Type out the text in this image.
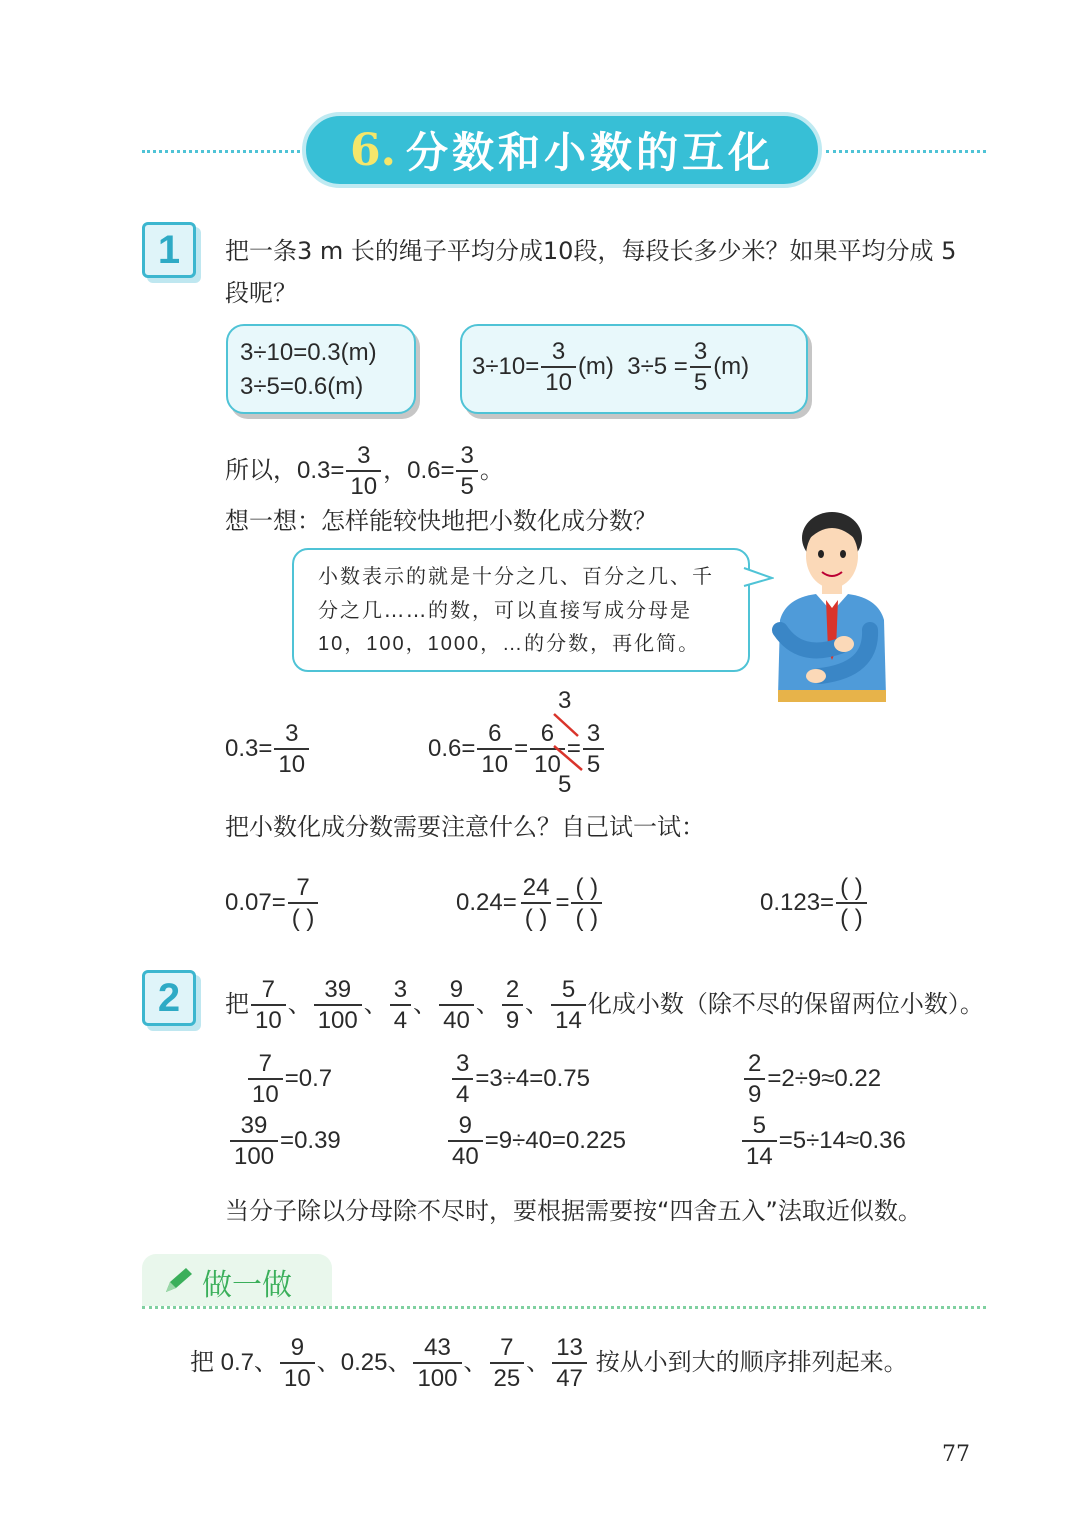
6. 分数和小数的互化
1	把一条3 m 长的绳子平均分成10段，每段长多少米？如果平均分成 5
段呢？
3÷10=0.3(m)
3÷5=0.6(m)
$3\div 10= \frac{3}{10} (m) 3\div 5 = \frac{3}{5} (m)$
所以，$0.3= \frac{3}{10}$ ，$0.6= \frac{3}{5}$ 。
想一想：怎样能较快地把小数化成分数？
小数表示的就是十分之几、百分之几、千
分之几……的数，可以直接写成分母是
10，100，1000，…的分数，再化简。
$0.3= \frac{3}{10}$	$0.6= \frac{6}{10} = \frac{6}{10} = \frac{3}{5}$
3
5
把小数化成分数需要注意什么？自己试一试：
$0.07= \frac{7}{( )}$	$0.24= \frac{24}{( )} = \frac{( )}{( )}$	$0.123= \frac{( )}{( )}$
2	把 $\frac{7}{10}$ 、 $\frac{39}{100}$ 、 $\frac{3}{4}$ 、 $\frac{9}{40}$ 、 $\frac{2}{9}$ 、 $\frac{5}{14}$ 化成小数（除不尽的保留两位小数）。
$\frac{7}{10} =0.7$	$\frac{3}{4} =3\div 4=0.75$	$\frac{2}{9} =2\div 9\approx 0.22$
$\frac{39}{100} =0.39$	$\frac{9}{40} =9\div 40=0.225$	$\frac{5}{14} =5\div 14\approx 0.36$
当分子除以分母除不尽时，要根据需要按“四舍五入”法取近似数。
做一做
把 0.7、 $\frac{9}{10}$ 、0.25、 $\frac{43}{100}$ 、 $\frac{7}{25}$ 、 $\frac{13}{47}$ 按从小到大的顺序排列起来。
77
